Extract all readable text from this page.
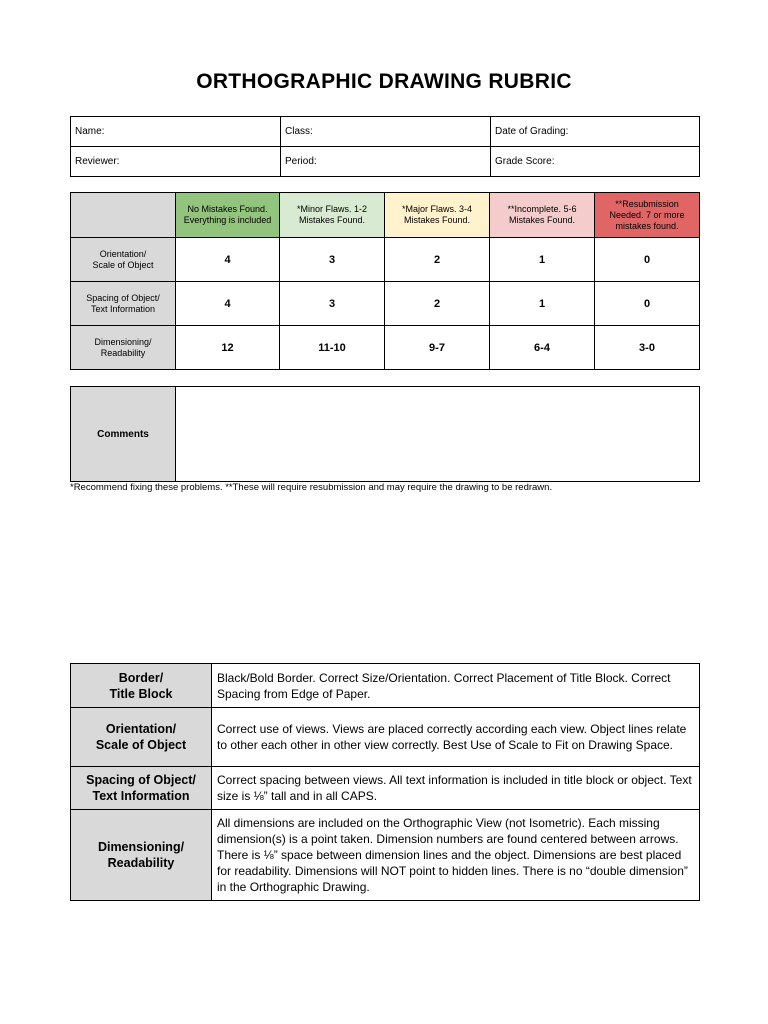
ORTHOGRAPHIC DRAWING RUBRIC
Name:	Class:	Date of Grading:
Reviewer:	Period:	Grade Score:
	No Mistakes Found. Everything is included	*Minor Flaws. 1-2 Mistakes Found.	*Major Flaws. 3-4 Mistakes Found.	**Incomplete. 5-6 Mistakes Found.	**Resubmission Needed. 7 or more mistakes found.
Orientation/
Scale of Object	4	3	2	1	0
Spacing of Object/
Text Information	4	3	2	1	0
Dimensioning/
Readability	12	11-10	9-7	6-4	3-0
Comments	
*Recommend fixing these problems. **These will require resubmission and may require the drawing to be redrawn.
Border/
Title Block	Black/Bold Border. Correct Size/Orientation. Correct Placement of Title Block. Correct Spacing from Edge of Paper.
Orientation/
Scale of Object	Correct use of views. Views are placed correctly according each view. Object lines relate to other each other in other view correctly. Best Use of Scale to Fit on Drawing Space.
Spacing of Object/
Text Information	Correct spacing between views. All text information is included in title block or object. Text size is ⅛” tall and in all CAPS.
Dimensioning/
Readability	All dimensions are included on the Orthographic View (not Isometric). Each missing dimension(s) is a point taken. Dimension numbers are found centered between arrows. There is ⅛” space between dimension lines and the object. Dimensions are best placed for readability. Dimensions will NOT point to hidden lines. There is no “double dimension” in the Orthographic Drawing.
